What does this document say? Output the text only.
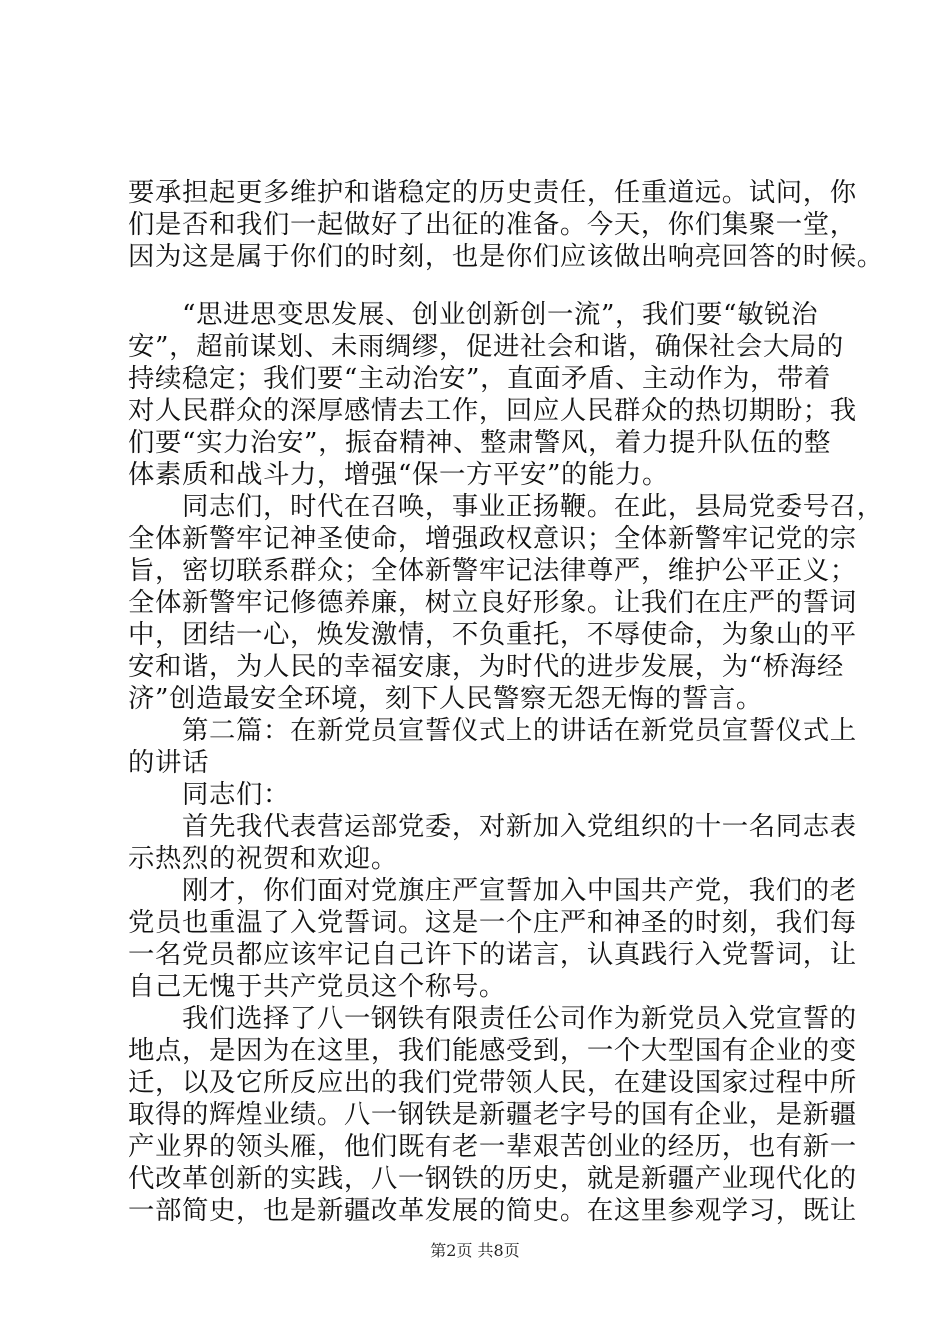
要承担起更多维护和谐稳定的历史责任，任重道远。试问，你
们是否和我们一起做好了出征的准备。今天，你们集聚一堂，
因为这是属于你们的时刻，也是你们应该做出响亮回答的时候。
“思进思变思发展、创业创新创一流”，我们要“敏锐治
安”，超前谋划、未雨绸缪，促进社会和谐，确保社会大局的
持续稳定；我们要“主动治安”，直面矛盾、主动作为，带着
对人民群众的深厚感情去工作，回应人民群众的热切期盼；我
们要“实力治安”，振奋精神、整肃警风，着力提升队伍的整
体素质和战斗力，增强“保一方平安”的能力。
同志们，时代在召唤，事业正扬鞭。在此，县局党委号召，
全体新警牢记神圣使命，增强政权意识；全体新警牢记党的宗
旨，密切联系群众；全体新警牢记法律尊严，维护公平正义；
全体新警牢记修德养廉，树立良好形象。让我们在庄严的誓词
中，团结一心，焕发激情，不负重托，不辱使命，为象山的平
安和谐，为人民的幸福安康，为时代的进步发展，为“桥海经
济”创造最安全环境，刻下人民警察无怨无悔的誓言。
第二篇：在新党员宣誓仪式上的讲话在新党员宣誓仪式上
的讲话
同志们：
首先我代表营运部党委，对新加入党组织的十一名同志表
示热烈的祝贺和欢迎。
刚才，你们面对党旗庄严宣誓加入中国共产党，我们的老
党员也重温了入党誓词。这是一个庄严和神圣的时刻，我们每
一名党员都应该牢记自己许下的诺言，认真践行入党誓词，让
自己无愧于共产党员这个称号。
我们选择了八一钢铁有限责任公司作为新党员入党宣誓的
地点，是因为在这里，我们能感受到，一个大型国有企业的变
迁，以及它所反应出的我们党带领人民，在建设国家过程中所
取得的辉煌业绩。八一钢铁是新疆老字号的国有企业，是新疆
产业界的领头雁，他们既有老一辈艰苦创业的经历，也有新一
代改革创新的实践，八一钢铁的历史，就是新疆产业现代化的
一部简史，也是新疆改革发展的简史。在这里参观学习，既让
第2页 共8页
